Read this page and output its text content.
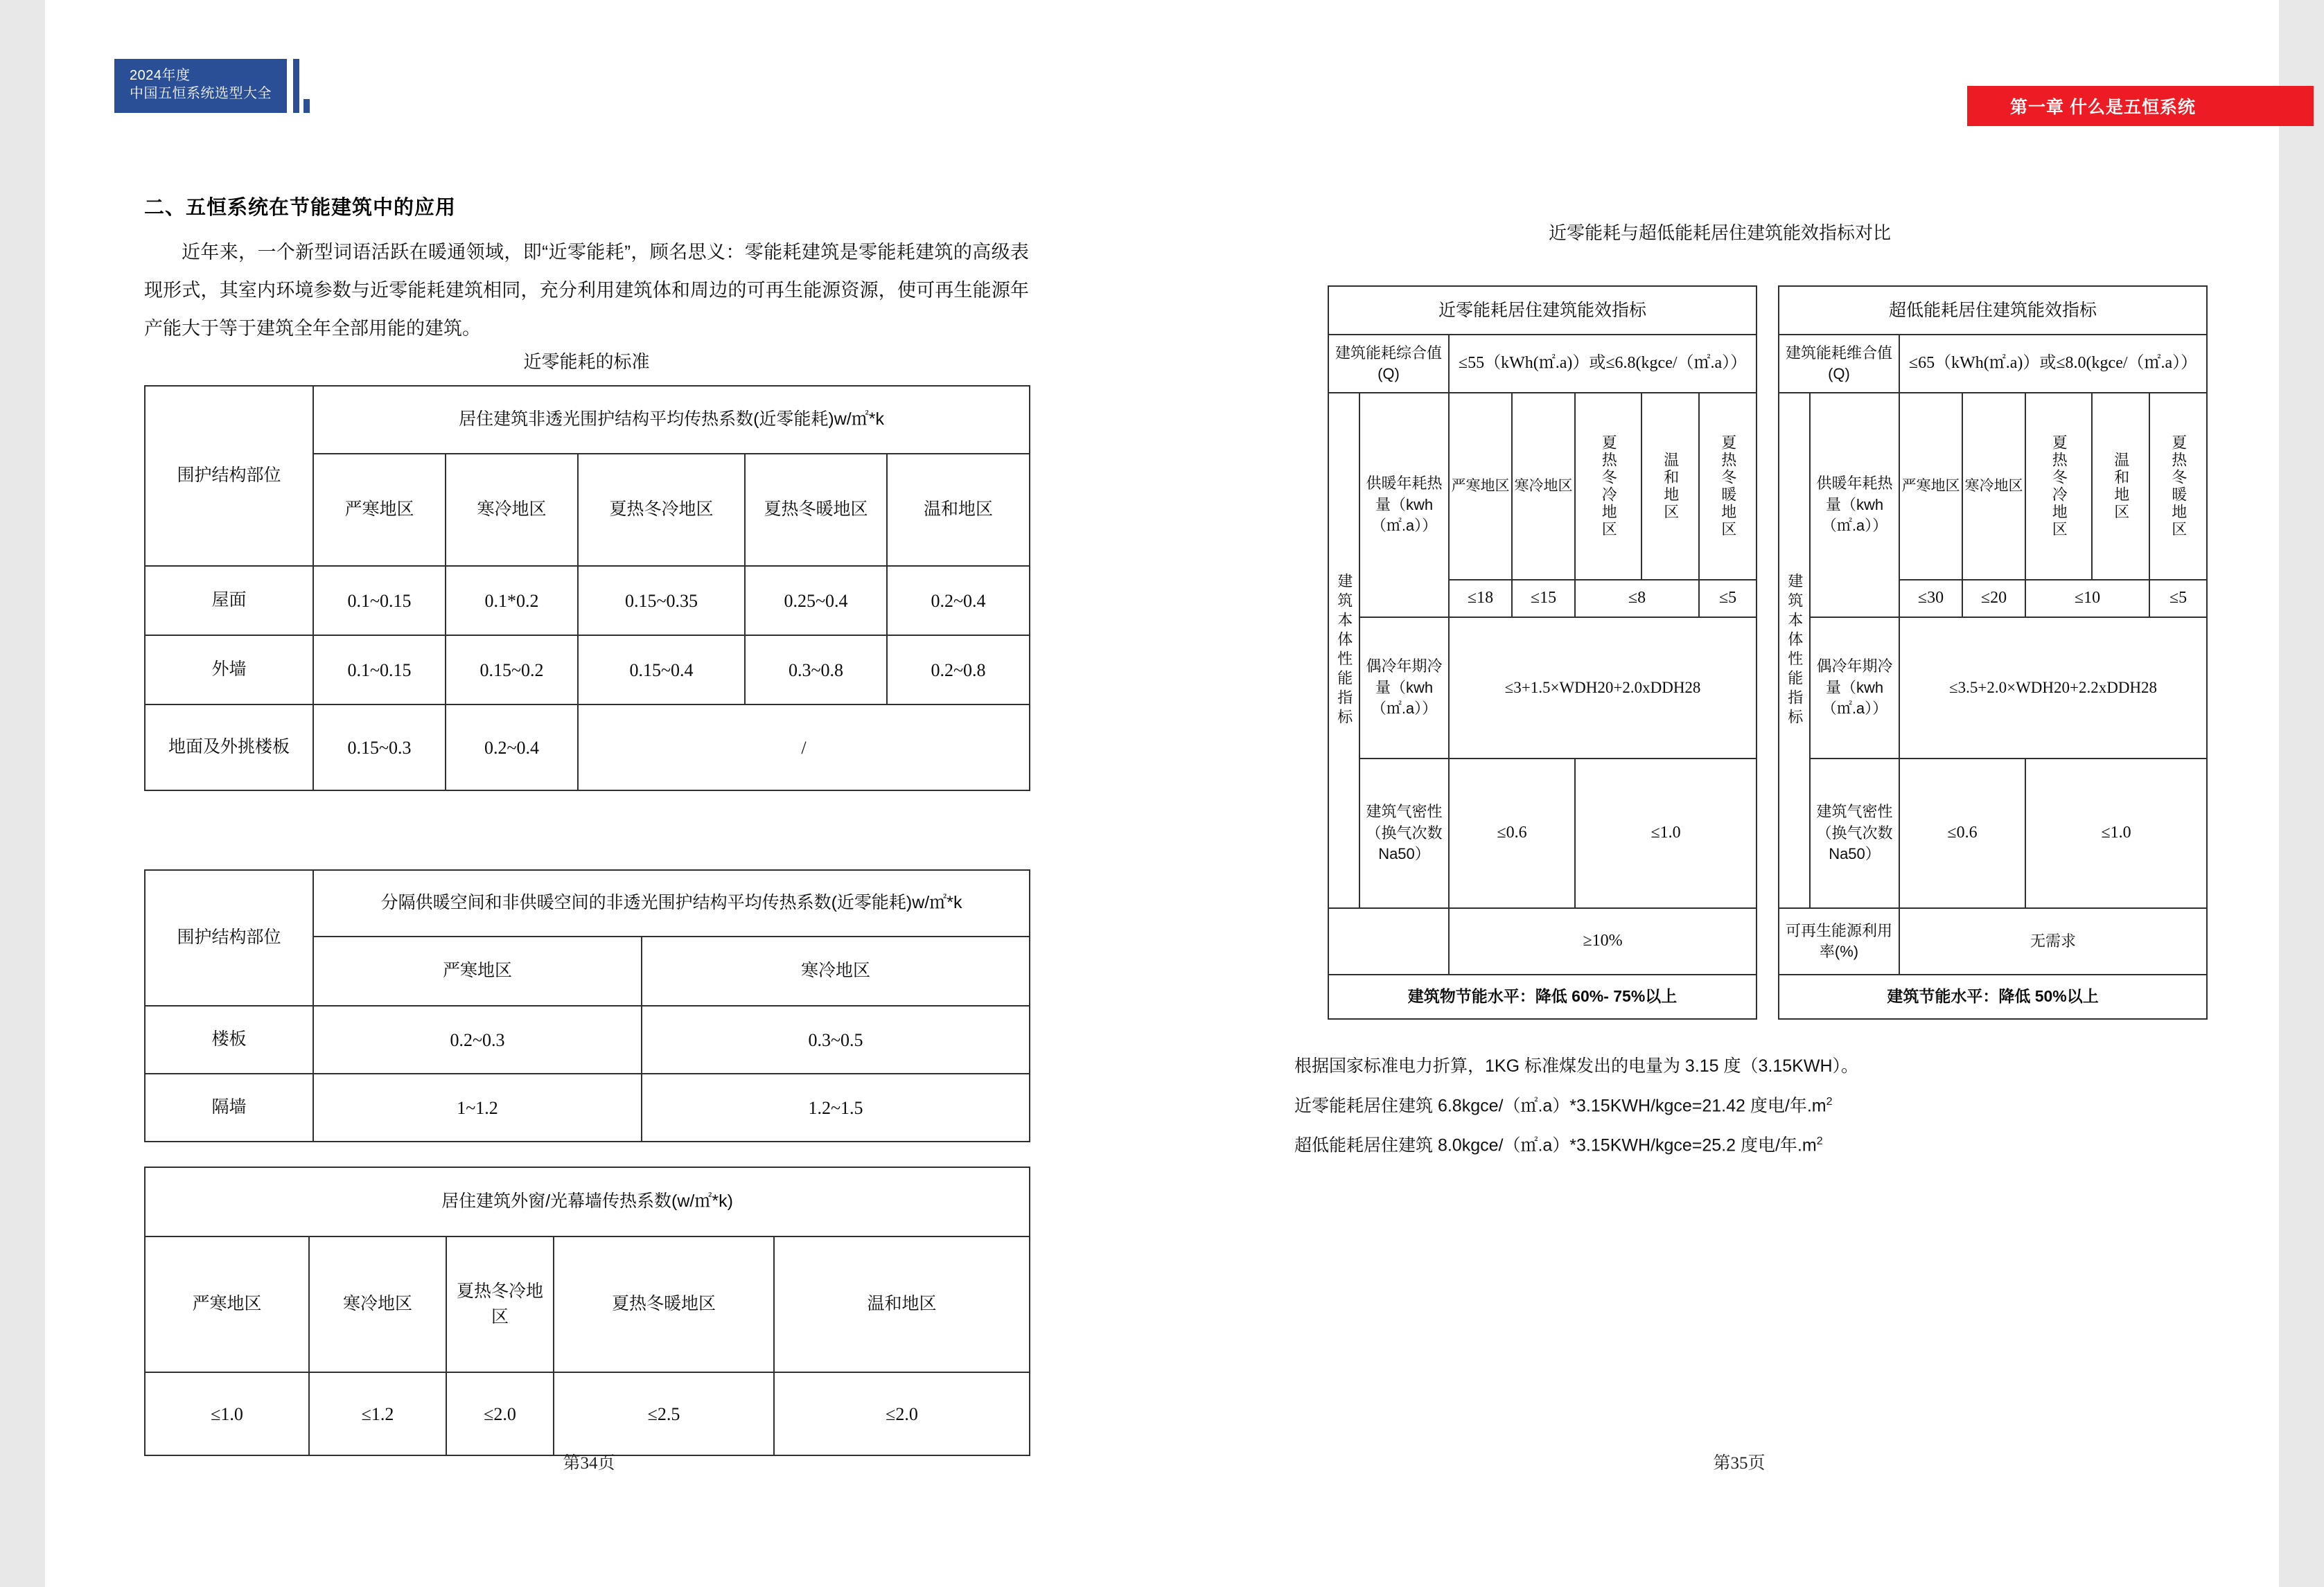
2024年度
中国五恒系统选型大全
第一章 什么是五恒系统
二、五恒系统在节能建筑中的应用
近年来，一个新型词语活跃在暖通领域，即“近零能耗”，顾名思义：零能耗建筑是零能耗建筑的高级表现形式，其室内环境参数与近零能耗建筑相同，充分利用建筑体和周边的可再生能源资源，使可再生能源年产能大于等于建筑全年全部用能的建筑。
近零能耗的标准
围护结构部位	居住建筑非透光围护结构平均传热系数(近零能耗)w/㎡*k				
	严寒地区	寒冷地区	夏热冬冷地区	夏热冬暖地区	温和地区
屋面	0.1~0.15	0.1*0.2	0.15~0.35	0.25~0.4	0.2~0.4
外墙	0.1~0.15	0.15~0.2	0.15~0.4	0.3~0.8	0.2~0.8
地面及外挑楼板	0.15~0.3	0.2~0.4	/		
围护结构部位	分隔供暖空间和非供暖空间的非透光围护结构平均传热系数(近零能耗)w/㎡*k	
	严寒地区	寒冷地区
楼板	0.2~0.3	0.3~0.5
隔墙	1~1.2	1.2~1.5
居住建筑外窗/光幕墙传热系数(w/㎡*k)				
严寒地区	寒冷地区	夏热冬冷地区	夏热冬暖地区	温和地区
≤1.0	≤1.2	≤2.0	≤2.5	≤2.0
第34页
近零能耗与超低能耗居住建筑能效指标对比
近零能耗居住建筑能效指标						
建筑能耗综合值(Q)		≤55（kWh(㎡.a)）或≤6.8(kgce/（㎡.a））				
建筑本体性能指标	供暖年耗热量（kwh（㎡.a））	严寒地区	寒冷地区	夏热冬冷地区	温和地区	夏热冬暖地区
		≤18	≤15	≤8		≤5
	偶冷年期冷量（kwh（㎡.a））	≤3+1.5×WDH20+2.0xDDH28				
	建筑气密性（换气次数Na50）	≤0.6		≤1.0		
		≥10%				
建筑物节能水平：降低 60%- 75%以上						
超低能耗居住建筑能效指标						
建筑能耗维合值(Q)		≤65（kWh(㎡.a)）或≤8.0(kgce/（㎡.a））				
建筑本体性能指标	供暖年耗热量（kwh（㎡.a））	严寒地区	寒冷地区	夏热冬冷地区	温和地区	夏热冬暖地区
		≤30	≤20	≤10		≤5
	偶冷年期冷量（kwh（㎡.a））	≤3.5+2.0×WDH20+2.2xDDH28				
	建筑气密性（换气次数Na50）	≤0.6		≤1.0		
可再生能源利用率(%)		无需求				
建筑节能水平：降低 50%以上						
根据国家标准电力折算，1KG 标准煤发出的电量为 3.15 度（3.15KWH）。
近零能耗居住建筑 6.8kgce/（㎡.a）*3.15KWH/kgce=21.42 度电/年$.m^2$
超低能耗居住建筑 8.0kgce/（㎡.a）*3.15KWH/kgce=25.2 度电/年$.m^2$
第35页
